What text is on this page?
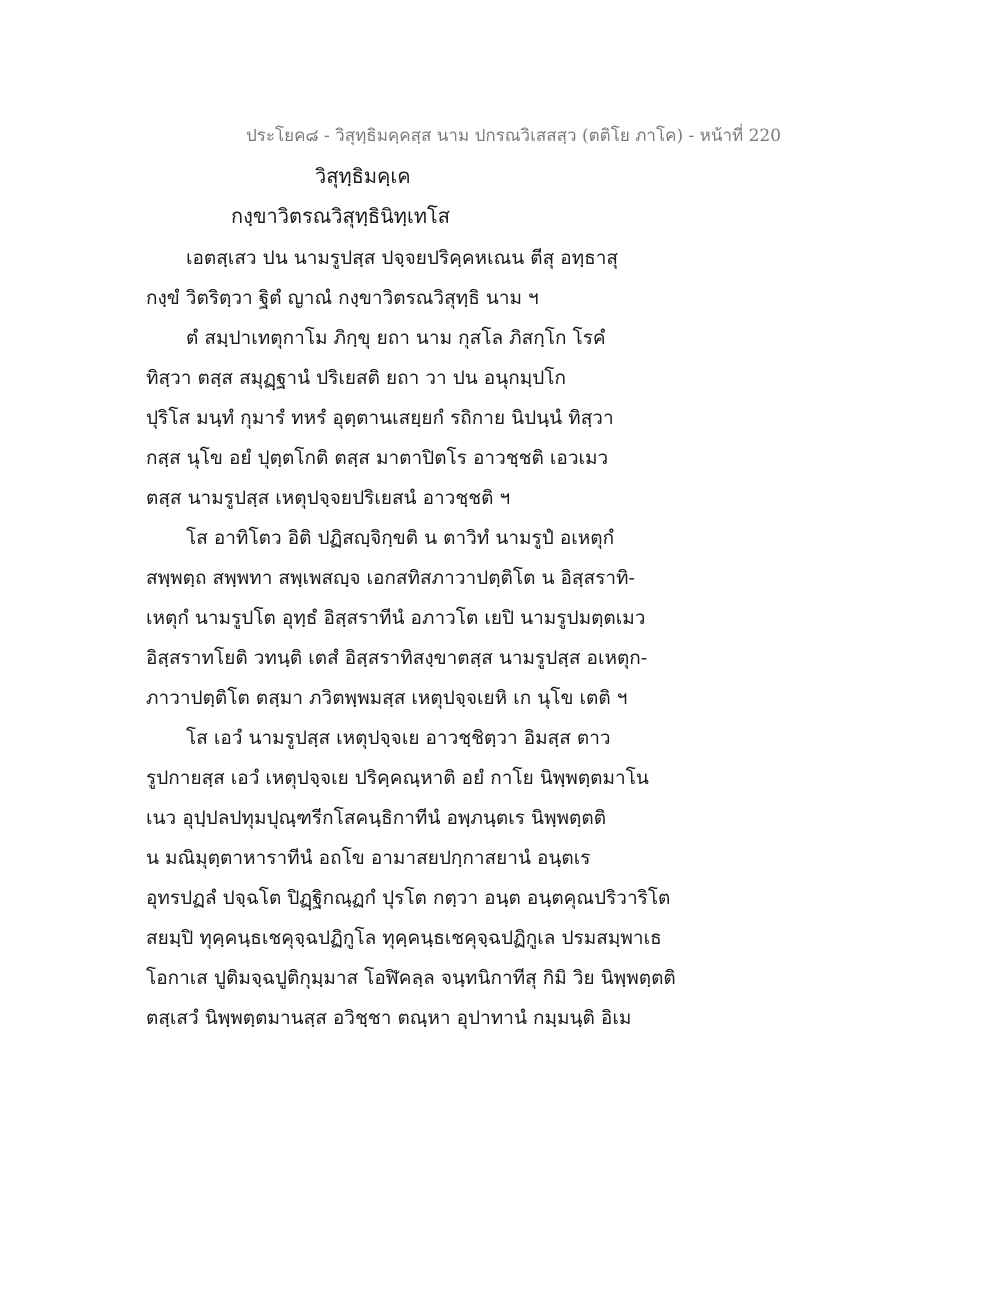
ประโยค๘ - วิสุทฺธิมคฺคสฺส นาม ปกรณวิเสสสฺว (ตติโย ภาโค) - หน้าที่ 220
วิสุทฺธิมคฺเค
กงฺขาวิตรณวิสุทฺธินิทฺเทโส
เอตสฺเสว ปน นามรูปสฺส ปจฺจยปริคฺคหเณน ตีสุ อทฺธาสุ
กงฺขํ วิตริตฺวา ฐิตํ ญาณํ กงฺขาวิตรณวิสุทฺธิ นาม ฯ
ตํ สมฺปาเทตุกาโม ภิกฺขุ ยถา นาม กุสโล ภิสกฺโก โรคํ
ทิสฺวา ตสฺส สมุฏฺฐานํ ปริเยสติ ยถา วา ปน อนุกมฺปโก
ปุริโส มนฺทํ กุมารํ ทหรํ อุตฺตานเสยฺยกํ รถิกาย นิปนฺนํ ทิสฺวา
กสฺส นุโข อยํ ปุตฺตโกติ ตสฺส มาตาปิตโร อาวชฺชติ เอวเมว
ตสฺส นามรูปสฺส เหตุปจฺจยปริเยสนํ อาวชฺชติ ฯ
โส อาทิโตว อิติ ปฏิสญฺจิกฺขติ น ตาวิทํ นามรูปํ อเหตุกํ
สพฺพตฺถ สพฺพทา สพฺเพสญฺจ เอกสทิสภาวาปตฺติโต น อิสฺสราทิ-
เหตุกํ นามรูปโต อุทฺธํ อิสฺสราทีนํ อภาวโต เยปิ นามรูปมตฺตเมว
อิสฺสราทโยติ วทนฺติ เตสํ อิสฺสราทิสงฺขาตสฺส นามรูปสฺส อเหตุก-
ภาวาปตฺติโต ตสฺมา ภวิตพฺพมสฺส เหตุปจฺจเยหิ เก นุโข เตติ ฯ
โส เอวํ นามรูปสฺส เหตุปจฺจเย อาวชฺชิตฺวา อิมสฺส ตาว
รูปกายสฺส เอวํ เหตุปจฺจเย ปริคฺคณฺหาติ อยํ กาโย นิพฺพตฺตมาโน
เนว อุปฺปลปทุมปุณฺฑรีกโสคนฺธิกาทีนํ อพฺภนฺตเร นิพฺพตฺตติ
น มณิมุตฺตาหาราทีนํ อถโข อามาสยปกฺกาสยานํ อนฺตเร
อุทรปฏลํ ปจฺฉโต ปิฏฺฐิกณฺฏกํ ปุรโต กตฺวา อนฺต อนฺตคุณปริวาริโต
สยมฺปิ ทุคฺคนฺธเชคุจฺฉปฏิกูโล ทุคฺคนฺธเชคุจฺฉปฏิกูเล ปรมสมฺพาเธ
โอกาเส ปูติมจฺฉปูติกุมฺมาส โอฬิคลฺล จนฺทนิกาทีสุ กิมิ วิย นิพฺพตฺตติ
ตสฺเสวํ นิพฺพตฺตมานสฺส อวิชฺชา ตณฺหา อุปาทานํ กมฺมนฺติ อิเม
